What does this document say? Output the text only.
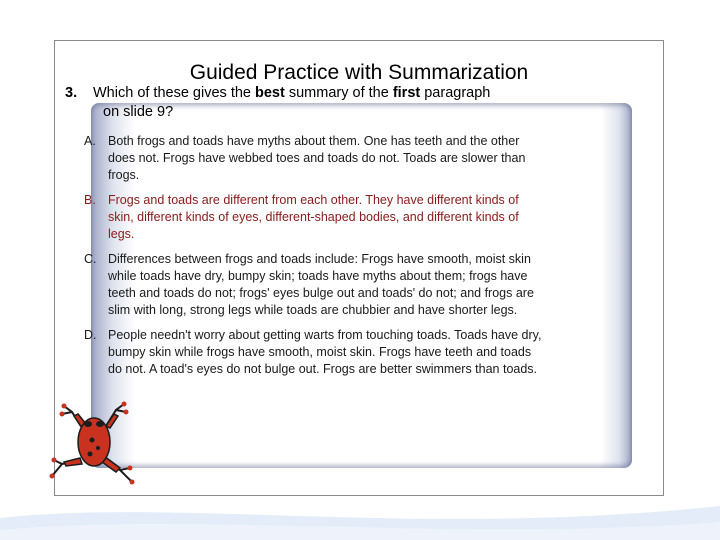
Guided Practice with Summarization
3. Which of these gives the best summary of the first paragraph
on slide 9?
A. Both frogs and toads have myths about them. One has teeth and the other does not. Frogs have webbed toes and toads do not. Toads are slower than frogs.
B. Frogs and toads are different from each other. They have different kinds of skin, different kinds of eyes, different-shaped bodies, and different kinds of legs.
C. Differences between frogs and toads include: Frogs have smooth, moist skin while toads have dry, bumpy skin; toads have myths about them; frogs have teeth and toads do not; frogs' eyes bulge out and toads' do not; and frogs are slim with long, strong legs while toads are chubbier and have shorter legs.
D. People needn't worry about getting warts from touching toads. Toads have dry, bumpy skin while frogs have smooth, moist skin. Frogs have teeth and toads do not. A toad's eyes do not bulge out. Frogs are better swimmers than toads.
